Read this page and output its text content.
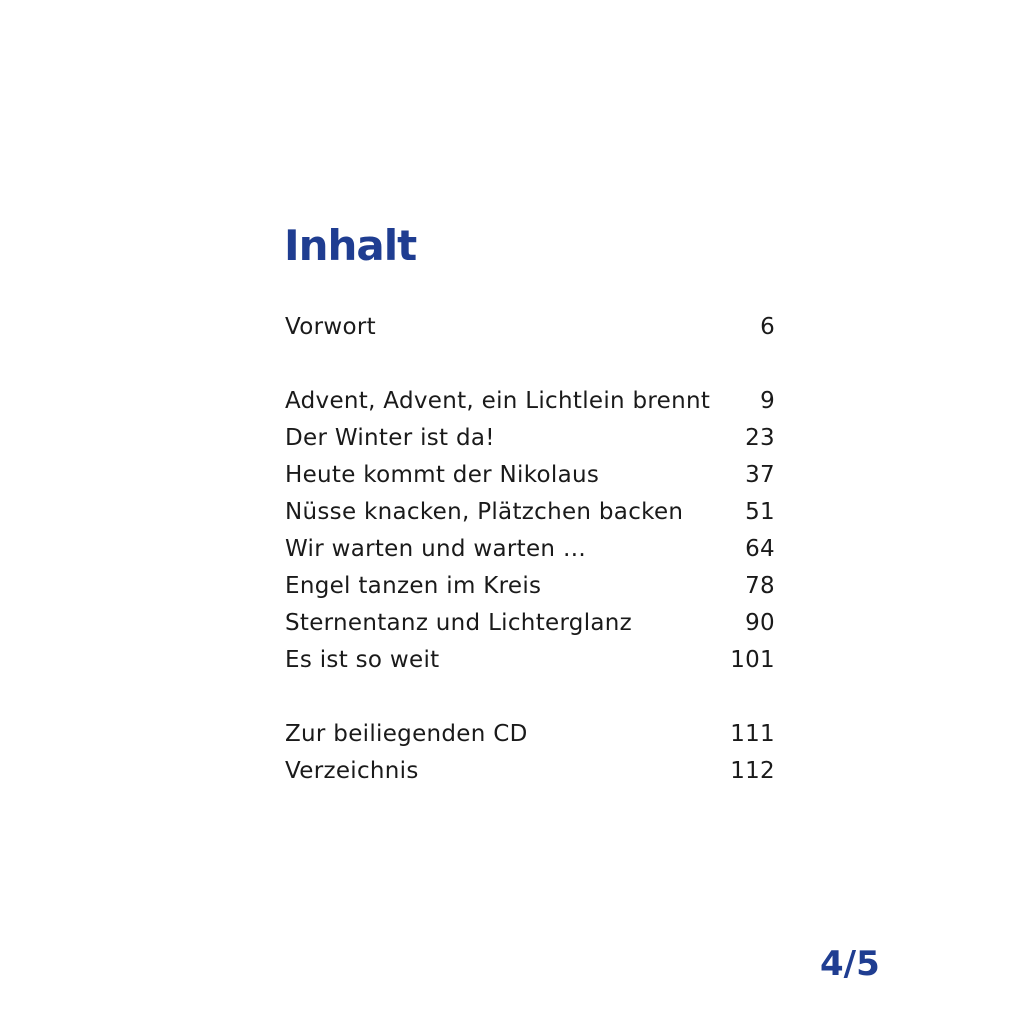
Inhalt
Vorwort	6
Advent, Advent, ein Lichtlein brennt	9
Der Winter ist da!	23
Heute kommt der Nikolaus	37
Nüsse knacken, Plätzchen backen	51
Wir warten und warten …	64
Engel tanzen im Kreis	78
Sternentanz und Lichterglanz	90
Es ist so weit	101
Zur beiliegenden CD	111
Verzeichnis	112
4/5
